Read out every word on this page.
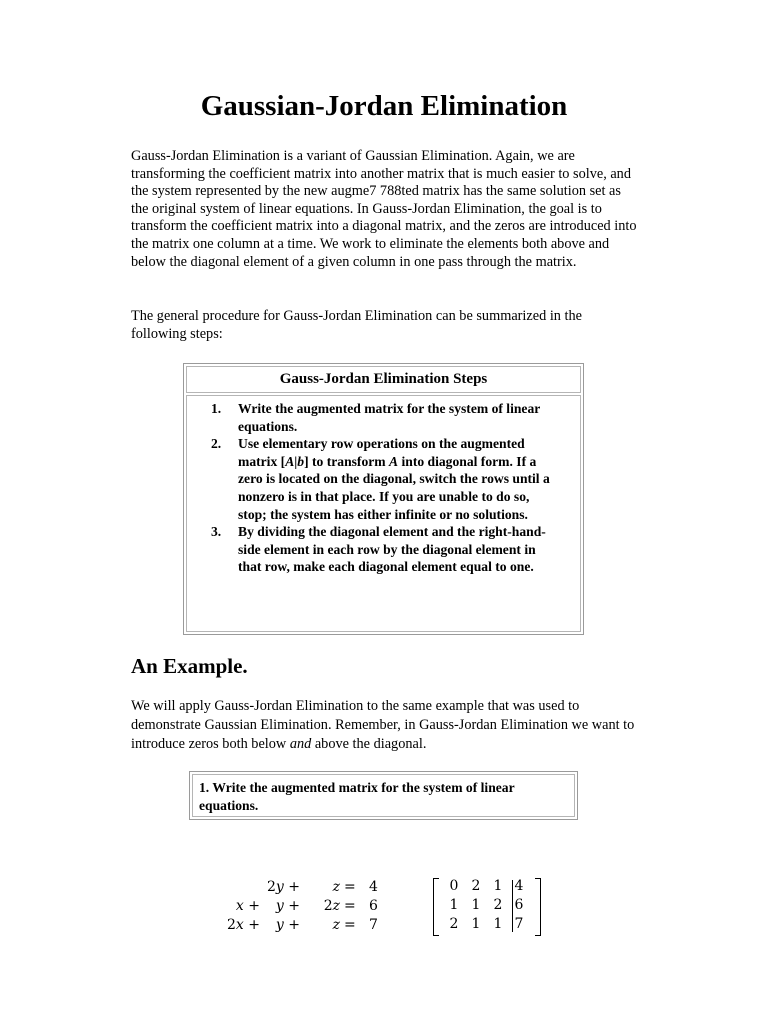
Gaussian-Jordan Elimination

Gauss-Jordan Elimination is a variant of Gaussian Elimination. Again, we are transforming the coefficient matrix into another matrix that is much easier to solve, and the system represented by the new augme7 788ted matrix has the same solution set as the original system of linear equations. In Gauss-Jordan Elimination, the goal is to transform the coefficient matrix into a diagonal matrix, and the zeros are introduced into the matrix one column at a time. We work to eliminate the elements both above and below the diagonal element of a given column in one pass through the matrix.

The general procedure for Gauss-Jordan Elimination can be summarized in the following steps:

Gauss-Jordan Elimination Steps
1. Write the augmented matrix for the system of linear equations.
2. Use elementary row operations on the augmented matrix [A|b] to transform A into diagonal form. If a zero is located on the diagonal, switch the rows until a nonzero is in that place. If you are unable to do so, stop; the system has either infinite or no solutions.
3. By dividing the diagonal element and the right-hand-side element in each row by the diagonal element in that row, make each diagonal element equal to one.
An Example.

We will apply Gauss-Jordan Elimination to the same example that was used to demonstrate Gaussian Elimination. Remember, in Gauss-Jordan Elimination we want to introduce zeros both below and above the diagonal.

1. Write the augmented matrix for the system of linear equations.
2y + z = 4
x + y + 2z = 6
2x + y + z = 7
0 2 1 4
1 1 2 6
2 1 1 7
